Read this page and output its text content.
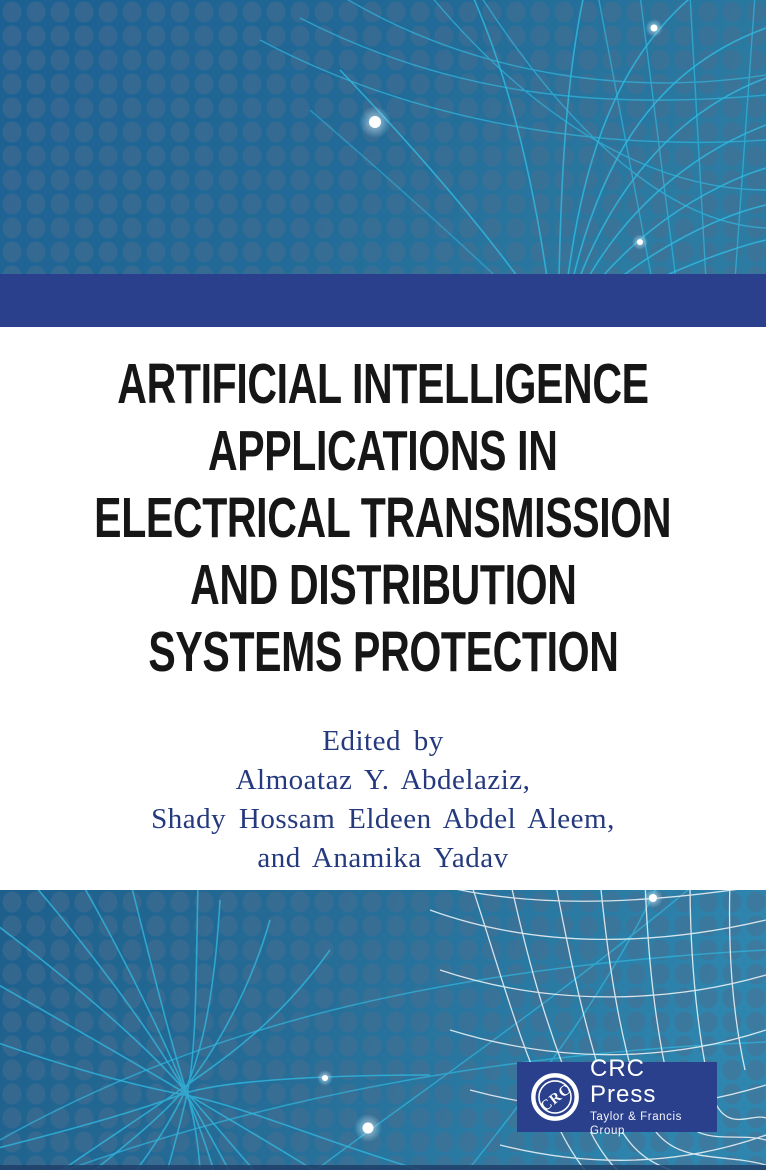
ARTIFICIAL INTELLIGENCE
APPLICATIONS IN
ELECTRICAL TRANSMISSION
AND DISTRIBUTION
SYSTEMS PROTECTION
Edited by
Almoataz Y. Abdelaziz,
Shady Hossam Eldeen Abdel Aleem,
and Anamika Yadav
CRC
CRC Press
Taylor & Francis Group
